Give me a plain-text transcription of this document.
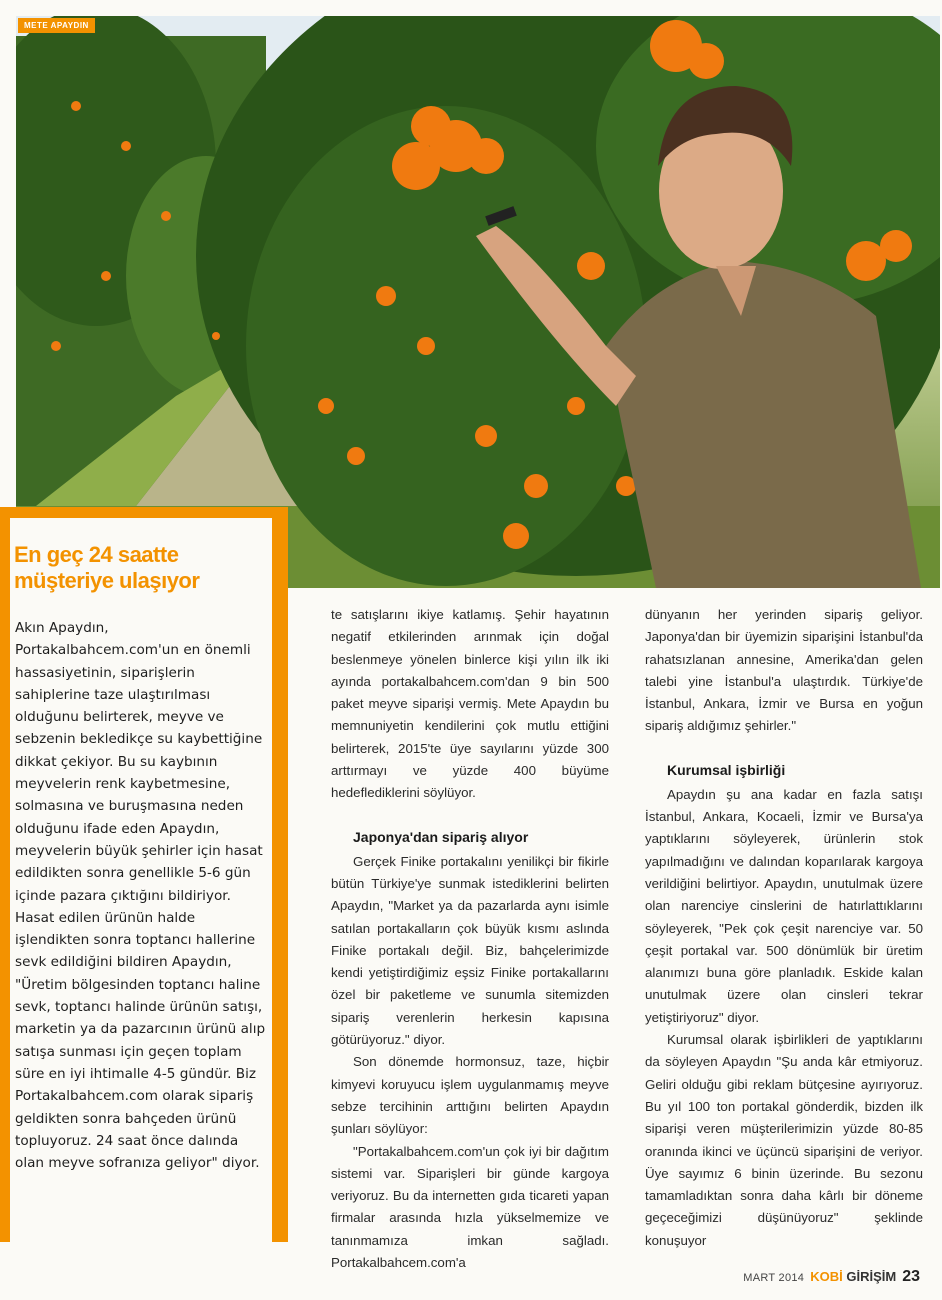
METE APAYDIN
En geç 24 saatte
müşteriye ulaşıyor

Akın Apaydın, Portakalbahcem.com'un en önemli hassasiyetinin, siparişlerin sahiplerine taze ulaştırılması olduğunu belirterek, meyve ve sebzenin bekledikçe su kaybettiğine dikkat çekiyor. Bu su kaybının meyvelerin renk kaybetmesine, solmasına ve buruşmasına neden olduğunu ifade eden Apaydın, meyvelerin büyük şehirler için hasat edildikten sonra genellikle 5-6 gün içinde pazara çıktığını bildiriyor. Hasat edilen ürünün halde işlendikten sonra toptancı hallerine sevk edildiğini bildiren Apaydın, "Üretim bölgesinden toptancı haline sevk, toptancı halinde ürünün satışı, marketin ya da pazarcının ürünü alıp satışa sunması için geçen toplam süre en iyi ihtimalle 4-5 gündür. Biz Portakalbahcem.com olarak sipariş geldikten sonra bahçeden ürünü topluyoruz. 24 saat önce dalında olan meyve sofranıza geliyor" diyor.

te satışlarını ikiye katlamış. Şehir hayatının negatif etkilerinden arınmak için doğal beslenmeye yönelen binlerce kişi yılın ilk iki ayında portakalbahcem.com'dan 9 bin 500 paket meyve siparişi vermiş. Mete Apaydın bu memnuniyetin kendilerini çok mutlu ettiğini belirterek, 2015'te üye sayılarını yüzde 300 arttırmayı ve yüzde 400 büyüme hedeflediklerini söylüyor.

Japonya'dan sipariş alıyor

Gerçek Finike portakalını yenilikçi bir fikirle bütün Türkiye'ye sunmak istediklerini belirten Apaydın, "Market ya da pazarlarda aynı isimle satılan portakalların çok büyük kısmı aslında Finike portakalı değil. Biz, bahçelerimizde kendi yetiştirdiğimiz eşsiz Finike portakallarını özel bir paketleme ve sunumla sitemizden sipariş verenlerin herkesin kapısına götürüyoruz." diyor.

Son dönemde hormonsuz, taze, hiçbir kimyevi koruyucu işlem uygulanmamış meyve sebze tercihinin arttığını belirten Apaydın şunları söylüyor:

"Portakalbahcem.com'un çok iyi bir dağıtım sistemi var. Siparişleri bir günde kargoya veriyoruz. Bu da internetten gıda ticareti yapan firmalar arasında hızla yükselmemize ve tanınmamıza imkan sağladı. Portakalbahcem.com'a

dünyanın her yerinden sipariş geliyor. Japonya'dan bir üyemizin siparişini İstanbul'da rahatsızlanan annesine, Amerika'dan gelen talebi yine İstanbul'a ulaştırdık. Türkiye'de İstanbul, Ankara, İzmir ve Bursa en yoğun sipariş aldığımız şehirler."

Kurumsal işbirliği

Apaydın şu ana kadar en fazla satışı İstanbul, Ankara, Kocaeli, İzmir ve Bursa'ya yaptıklarını söyleyerek, ürünlerin stok yapılmadığını ve dalından koparılarak kargoya verildiğini belirtiyor. Apaydın, unutulmak üzere olan narenciye cinslerini de hatırlattıklarını söyleyerek, "Pek çok çeşit narenciye var. 50 çeşit portakal var. 500 dönümlük bir üretim alanımızı buna göre planladık. Eskide kalan unutulmak üzere olan cinsleri tekrar yetiştiriyoruz" diyor.

Kurumsal olarak işbirlikleri de yaptıklarını da söyleyen Apaydın "Şu anda kâr etmiyoruz. Geliri olduğu gibi reklam bütçesine ayırıyoruz. Bu yıl 100 ton portakal gönderdik, bizden ilk siparişi veren müşterilerimizin yüzde 80-85 oranında ikinci ve üçüncü siparişini de veriyor. Üye sayımız 6 binin üzerinde. Bu sezonu tamamladıktan sonra daha kârlı bir döneme geçeceğimizi düşünüyoruz" şeklinde konuşuyor

MART 2014 KOBİ GİRİŞİM 23
